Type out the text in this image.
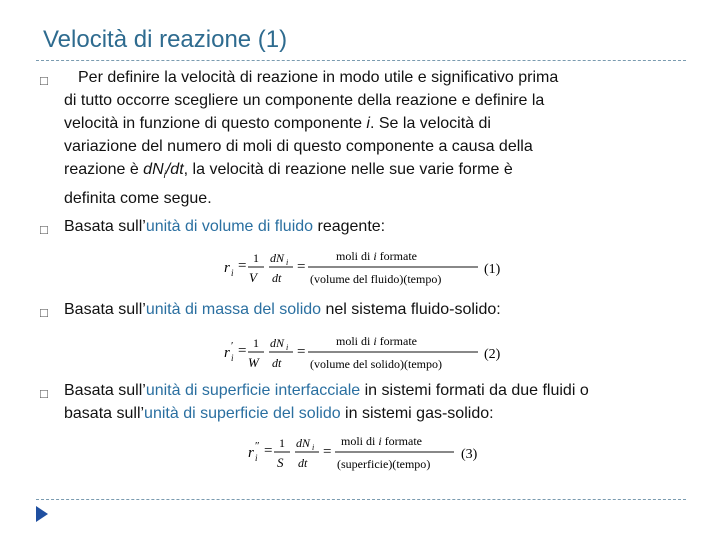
Velocità di reazione (1)
□ Per definire la velocità di reazione in modo utile e significativo prima
di tutto occorre scegliere un componente della reazione e definire la
velocità in funzione di questo componente i. Se la velocità di
variazione del numero di moli di questo componente a causa della
reazione è $dN_i/dt$, la velocità di reazione nelle sue varie forme è
definita come segue.
□ Basata sull’unità di volume di fluido reagente:
r i = 1
V
dN i
dt
=
moli di i formate
(volume del fluido)(tempo)
(1)
□ Basata sull’unità di massa del solido nel sistema fluido-solido:
r i
′ = 1
W
dN i
dt
=
moli di i formate
(volume del solido)(tempo)
(2)
□ Basata sull’unità di superficie interfacciale in sistemi formati da due fluidi o
basata sull’unità di superficie del solido in sistemi gas-solido:
r i
″ = 1
S
dN i
dt
=
moli di i formate
(superficie)(tempo)
(3)
